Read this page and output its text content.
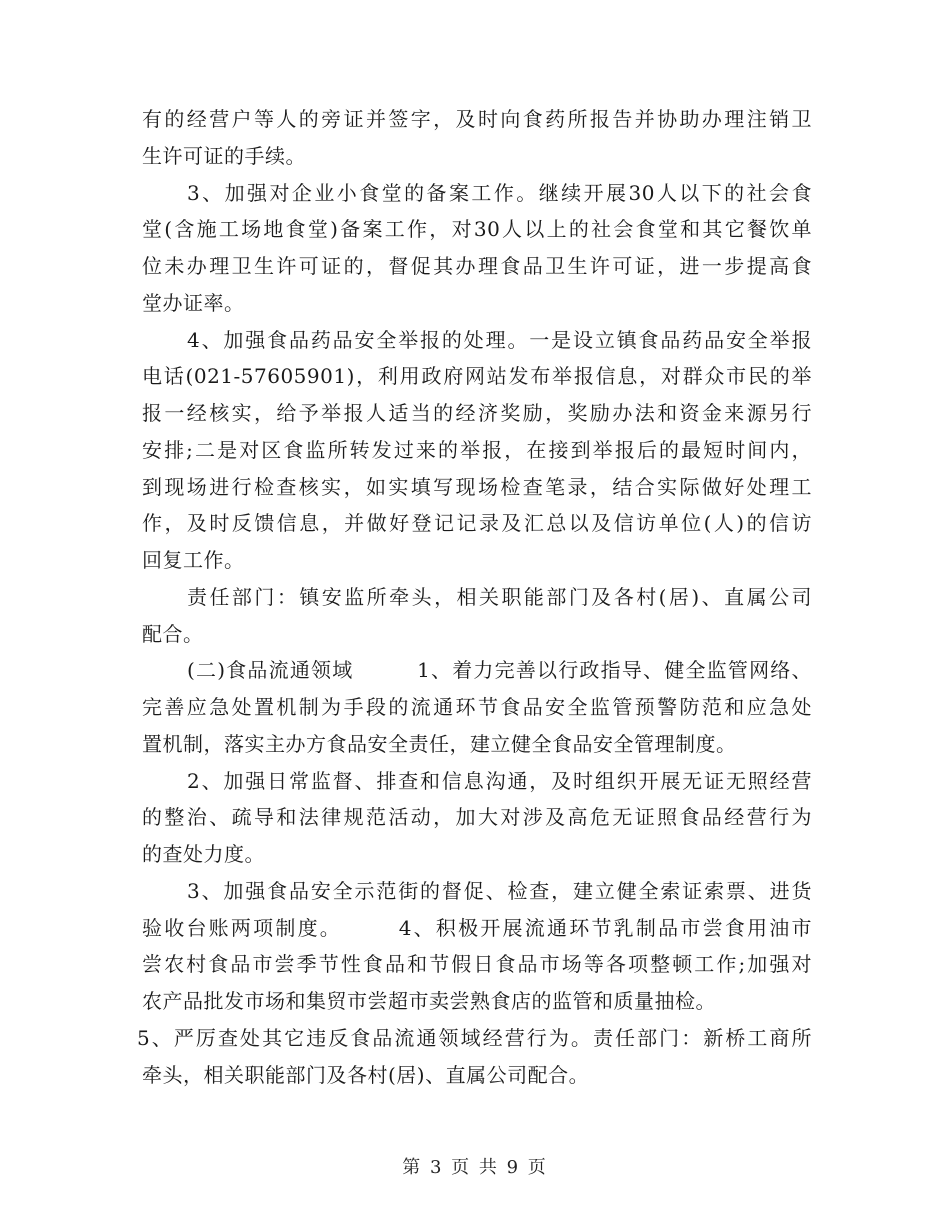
有的经营户等人的旁证并签字，及时向食药所报告并协助办理注销卫
生许可证的手续。
3、加强对企业小食堂的备案工作。继续开展30人以下的社会食
堂(含施工场地食堂)备案工作，对30人以上的社会食堂和其它餐饮单
位未办理卫生许可证的，督促其办理食品卫生许可证，进一步提高食
堂办证率。
4、加强食品药品安全举报的处理。一是设立镇食品药品安全举报
电话(021-57605901)，利用政府网站发布举报信息，对群众市民的举
报一经核实，给予举报人适当的经济奖励，奖励办法和资金来源另行
安排;二是对区食监所转发过来的举报，在接到举报后的最短时间内，
到现场进行检查核实，如实填写现场检查笔录，结合实际做好处理工
作，及时反馈信息，并做好登记记录及汇总以及信访单位(人)的信访
回复工作。
责任部门：镇安监所牵头，相关职能部门及各村(居)、直属公司
配合。
(二)食品流通领域　　　1、着力完善以行政指导、健全监管网络、
完善应急处置机制为手段的流通环节食品安全监管预警防范和应急处
置机制，落实主办方食品安全责任，建立健全食品安全管理制度。
2、加强日常监督、排查和信息沟通，及时组织开展无证无照经营
的整治、疏导和法律规范活动，加大对涉及高危无证照食品经营行为
的查处力度。
3、加强食品安全示范街的督促、检查，建立健全索证索票、进货
验收台账两项制度。　　　4、积极开展流通环节乳制品市尝食用油市
尝农村食品市尝季节性食品和节假日食品市场等各项整顿工作;加强对
农产品批发市场和集贸市尝超市卖尝熟食店的监管和质量抽检。
5、严厉查处其它违反食品流通领域经营行为。责任部门：新桥工商所
牵头，相关职能部门及各村(居)、直属公司配合。
第 3 页 共 9 页
